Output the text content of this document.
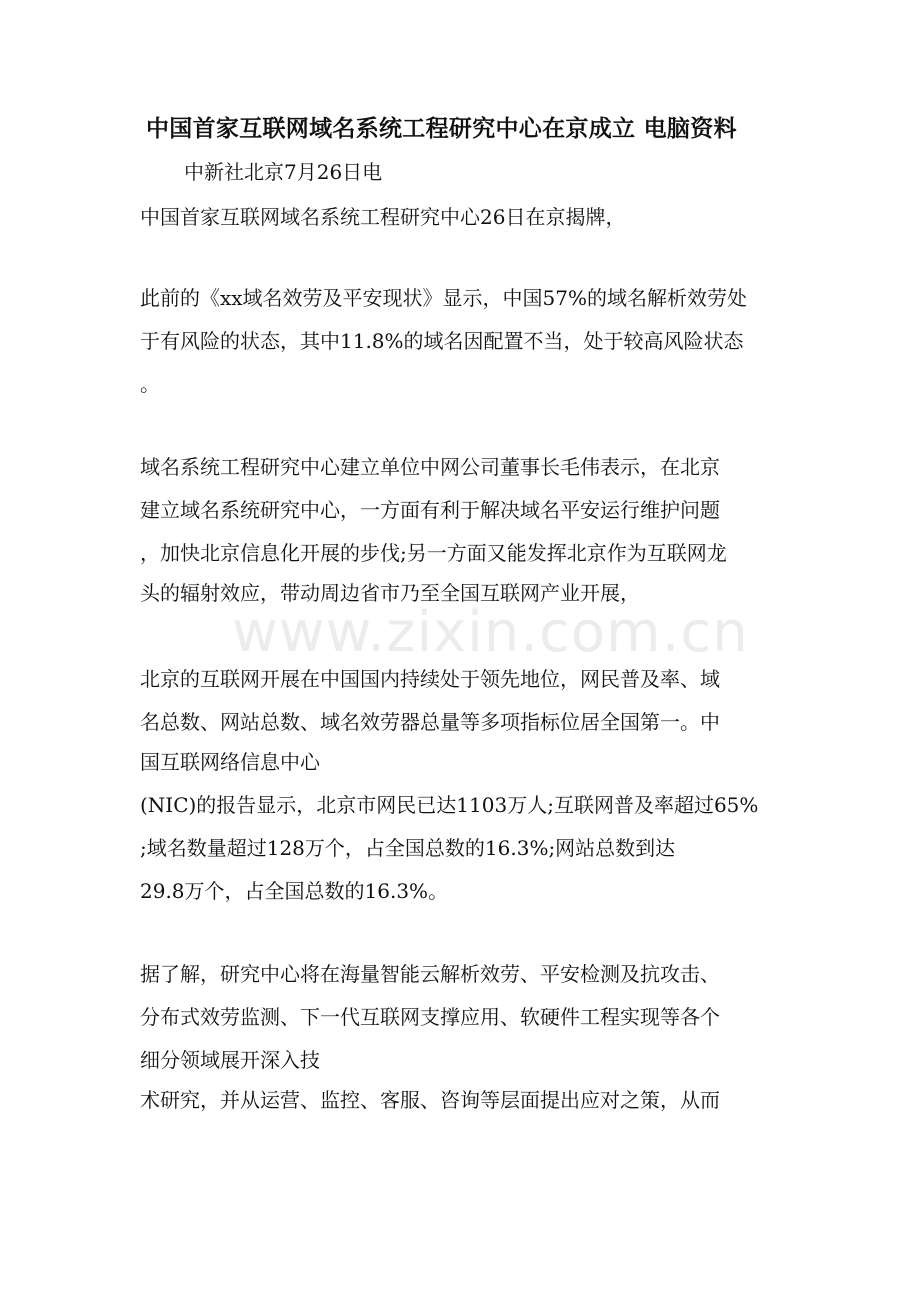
中国首家互联网域名系统工程研究中心在京成立 电脑资料
中新社北京7月26日电
中国首家互联网域名系统工程研究中心26日在京揭牌，
此前的《xx域名效劳及平安现状》显示，中国57%的域名解析效劳处
于有风险的状态，其中11.8%的域名因配置不当，处于较高风险状态
。
域名系统工程研究中心建立单位中网公司董事长毛伟表示，在北京
建立域名系统研究中心，一方面有利于解决域名平安运行维护问题
，加快北京信息化开展的步伐;另一方面又能发挥北京作为互联网龙
头的辐射效应，带动周边省市乃至全国互联网产业开展，
北京的互联网开展在中国国内持续处于领先地位，网民普及率、域
名总数、网站总数、域名效劳器总量等多项指标位居全国第一。中
国互联网络信息中心
(NIC)的报告显示，北京市网民已达1103万人;互联网普及率超过65%
;域名数量超过128万个，占全国总数的16.3%;网站总数到达
29.8万个，占全国总数的16.3%。
据了解，研究中心将在海量智能云解析效劳、平安检测及抗攻击、
分布式效劳监测、下一代互联网支撑应用、软硬件工程实现等各个
细分领域展开深入技
术研究，并从运营、监控、客服、咨询等层面提出应对之策，从而
www.zixin.com.cn
